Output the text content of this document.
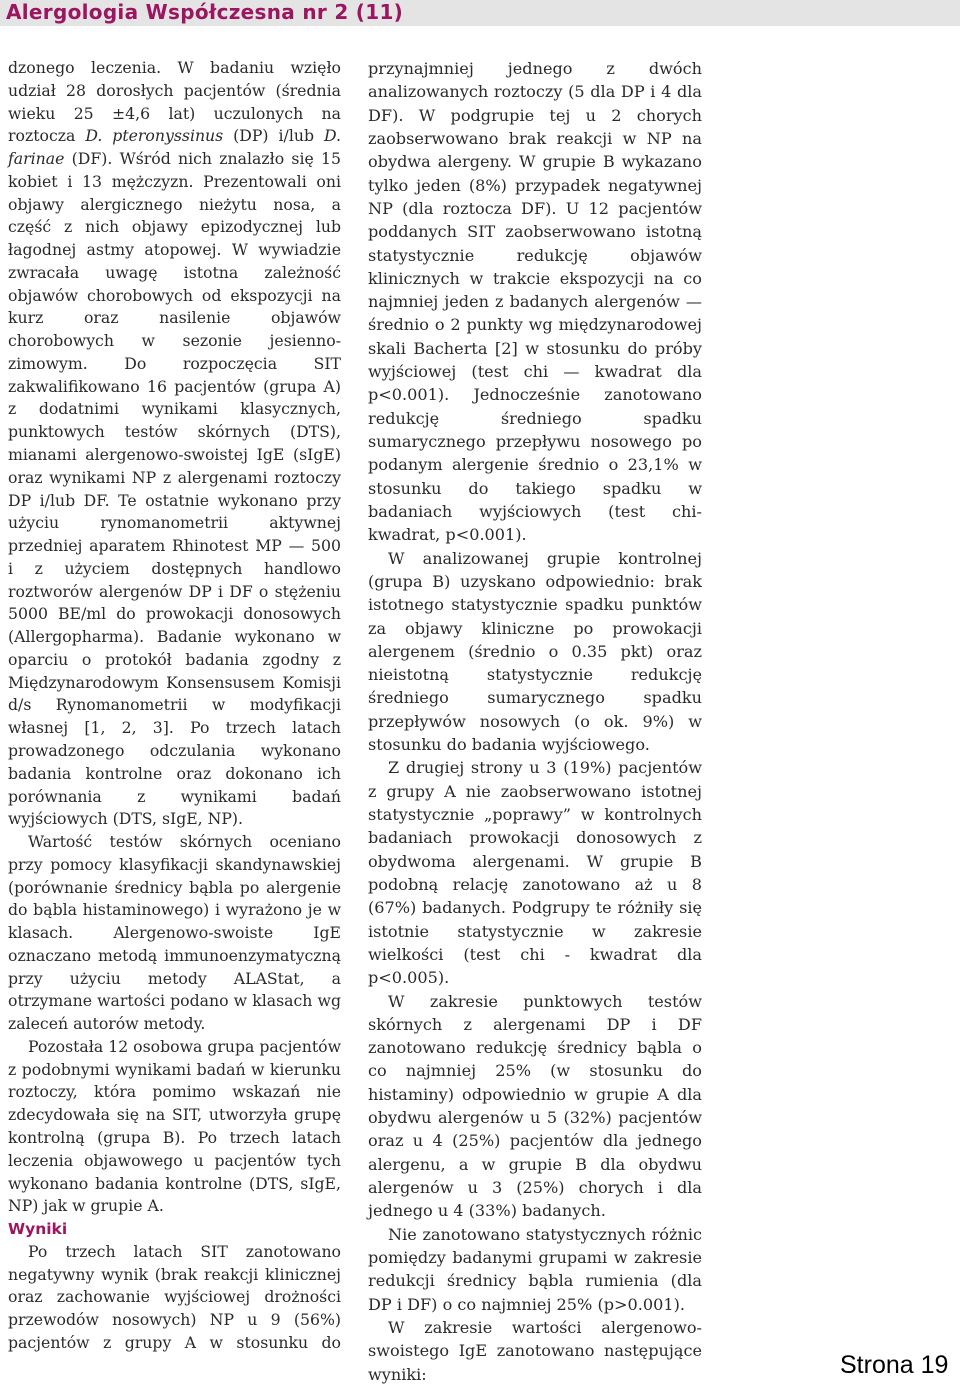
Alergologia Współczesna nr 2 (11)

dzonego leczenia. W badaniu wzięło udział 28 dorosłych pacjentów (średnia wieku 25 ±4,6 lat) uczulonych na roztocza D. pteronyssinus (DP) i/lub D. farinae (DF). Wśród nich znalazło się 15 kobiet i 13 mężczyzn. Prezentowali oni objawy alergicznego nieżytu nosa, a część z nich objawy epizodycznej lub łagodnej astmy atopowej. W wywiadzie zwracała uwagę istotna zależność objawów chorobowych od ekspozycji na kurz oraz nasilenie objawów chorobowych w sezonie jesienno-zimowym. Do rozpoczęcia SIT zakwalifikowano 16 pacjentów (grupa A) z dodatnimi wynikami klasycznych, punktowych testów skórnych (DTS), mianami alergenowo-swoistej IgE (sIgE) oraz wynikami NP z alergenami roztoczy DP i/lub DF. Te ostatnie wykonano przy użyciu rynomanometrii aktywnej przedniej aparatem Rhinotest MP — 500 i z użyciem dostępnych handlowo roztworów alergenów DP i DF o stężeniu 5000 BE/ml do prowokacji donosowych (Allergopharma). Badanie wykonano w oparciu o protokół badania zgodny z Międzynarodowym Konsensusem Komisji d/s Rynomanometrii w modyfikacji własnej [1, 2, 3]. Po trzech latach prowadzonego odczulania wykonano badania kontrolne oraz dokonano ich porównania z wynikami badań wyjściowych (DTS, sIgE, NP).

Wartość testów skórnych oceniano przy pomocy klasyfikacji skandynawskiej (porównanie średnicy bąbla po alergenie do bąbla histaminowego) i wyrażono je w klasach. Alergenowo-swoiste IgE oznaczano metodą immunoenzymatyczną przy użyciu metody ALAStat, a otrzymane wartości podano w klasach wg zaleceń autorów metody.

Pozostała 12 osobowa grupa pacjentów z podobnymi wynikami badań w kierunku roztoczy, która pomimo wskazań nie zdecydowała się na SIT, utworzyła grupę kontrolną (grupa B). Po trzech latach leczenia objawowego u pacjentów tych wykonano badania kontrolne (DTS, sIgE, NP) jak w grupie A.

Wyniki

Po trzech latach SIT zanotowano negatywny wynik (brak reakcji klinicznej oraz zachowanie wyjściowej drożności przewodów nosowych) NP u 9 (56%) pacjentów z grupy A w stosunku do

przynajmniej jednego z dwóch analizowanych roztoczy (5 dla DP i 4 dla DF). W podgrupie tej u 2 chorych zaobserwowano brak reakcji w NP na obydwa alergeny. W grupie B wykazano tylko jeden (8%) przypadek negatywnej NP (dla roztocza DF). U 12 pacjentów poddanych SIT zaobserwowano istotną statystycznie redukcję objawów klinicznych w trakcie ekspozycji na co najmniej jeden z badanych alergenów — średnio o 2 punkty wg międzynarodowej skali Bacherta [2] w stosunku do próby wyjściowej (test chi — kwadrat dla p<0.001). Jednocześnie zanotowano redukcję średniego spadku sumarycznego przepływu nosowego po podanym alergenie średnio o 23,1% w stosunku do takiego spadku w badaniach wyjściowych (test chi-kwadrat, p<0.001).

W analizowanej grupie kontrolnej (grupa B) uzyskano odpowiednio: brak istotnego statystycznie spadku punktów za objawy kliniczne po prowokacji alergenem (średnio o 0.35 pkt) oraz nieistotną statystycznie redukcję średniego sumarycznego spadku przepływów nosowych (o ok. 9%) w stosunku do badania wyjściowego.

Z drugiej strony u 3 (19%) pacjentów z grupy A nie zaobserwowano istotnej statystycznie „poprawy” w kontrolnych badaniach prowokacji donosowych z obydwoma alergenami. W grupie B podobną relację zanotowano aż u 8 (67%) badanych. Podgrupy te różniły się istotnie statystycznie w zakresie wielkości (test chi - kwadrat dla p<0.005).

W zakresie punktowych testów skórnych z alergenami DP i DF zanotowano redukcję średnicy bąbla o co najmniej 25% (w stosunku do histaminy) odpowiednio w grupie A dla obydwu alergenów u 5 (32%) pacjentów oraz u 4 (25%) pacjentów dla jednego alergenu, a w grupie B dla obydwu alergenów u 3 (25%) chorych i dla jednego u 4 (33%) badanych.

Nie zanotowano statystycznych różnic pomiędzy badanymi grupami w zakresie redukcji średnicy bąbla rumienia (dla DP i DF) o co najmniej 25% (p>0.001).

W zakresie wartości alergenowo-swoistego IgE zanotowano następujące wyniki:	Strona 19
